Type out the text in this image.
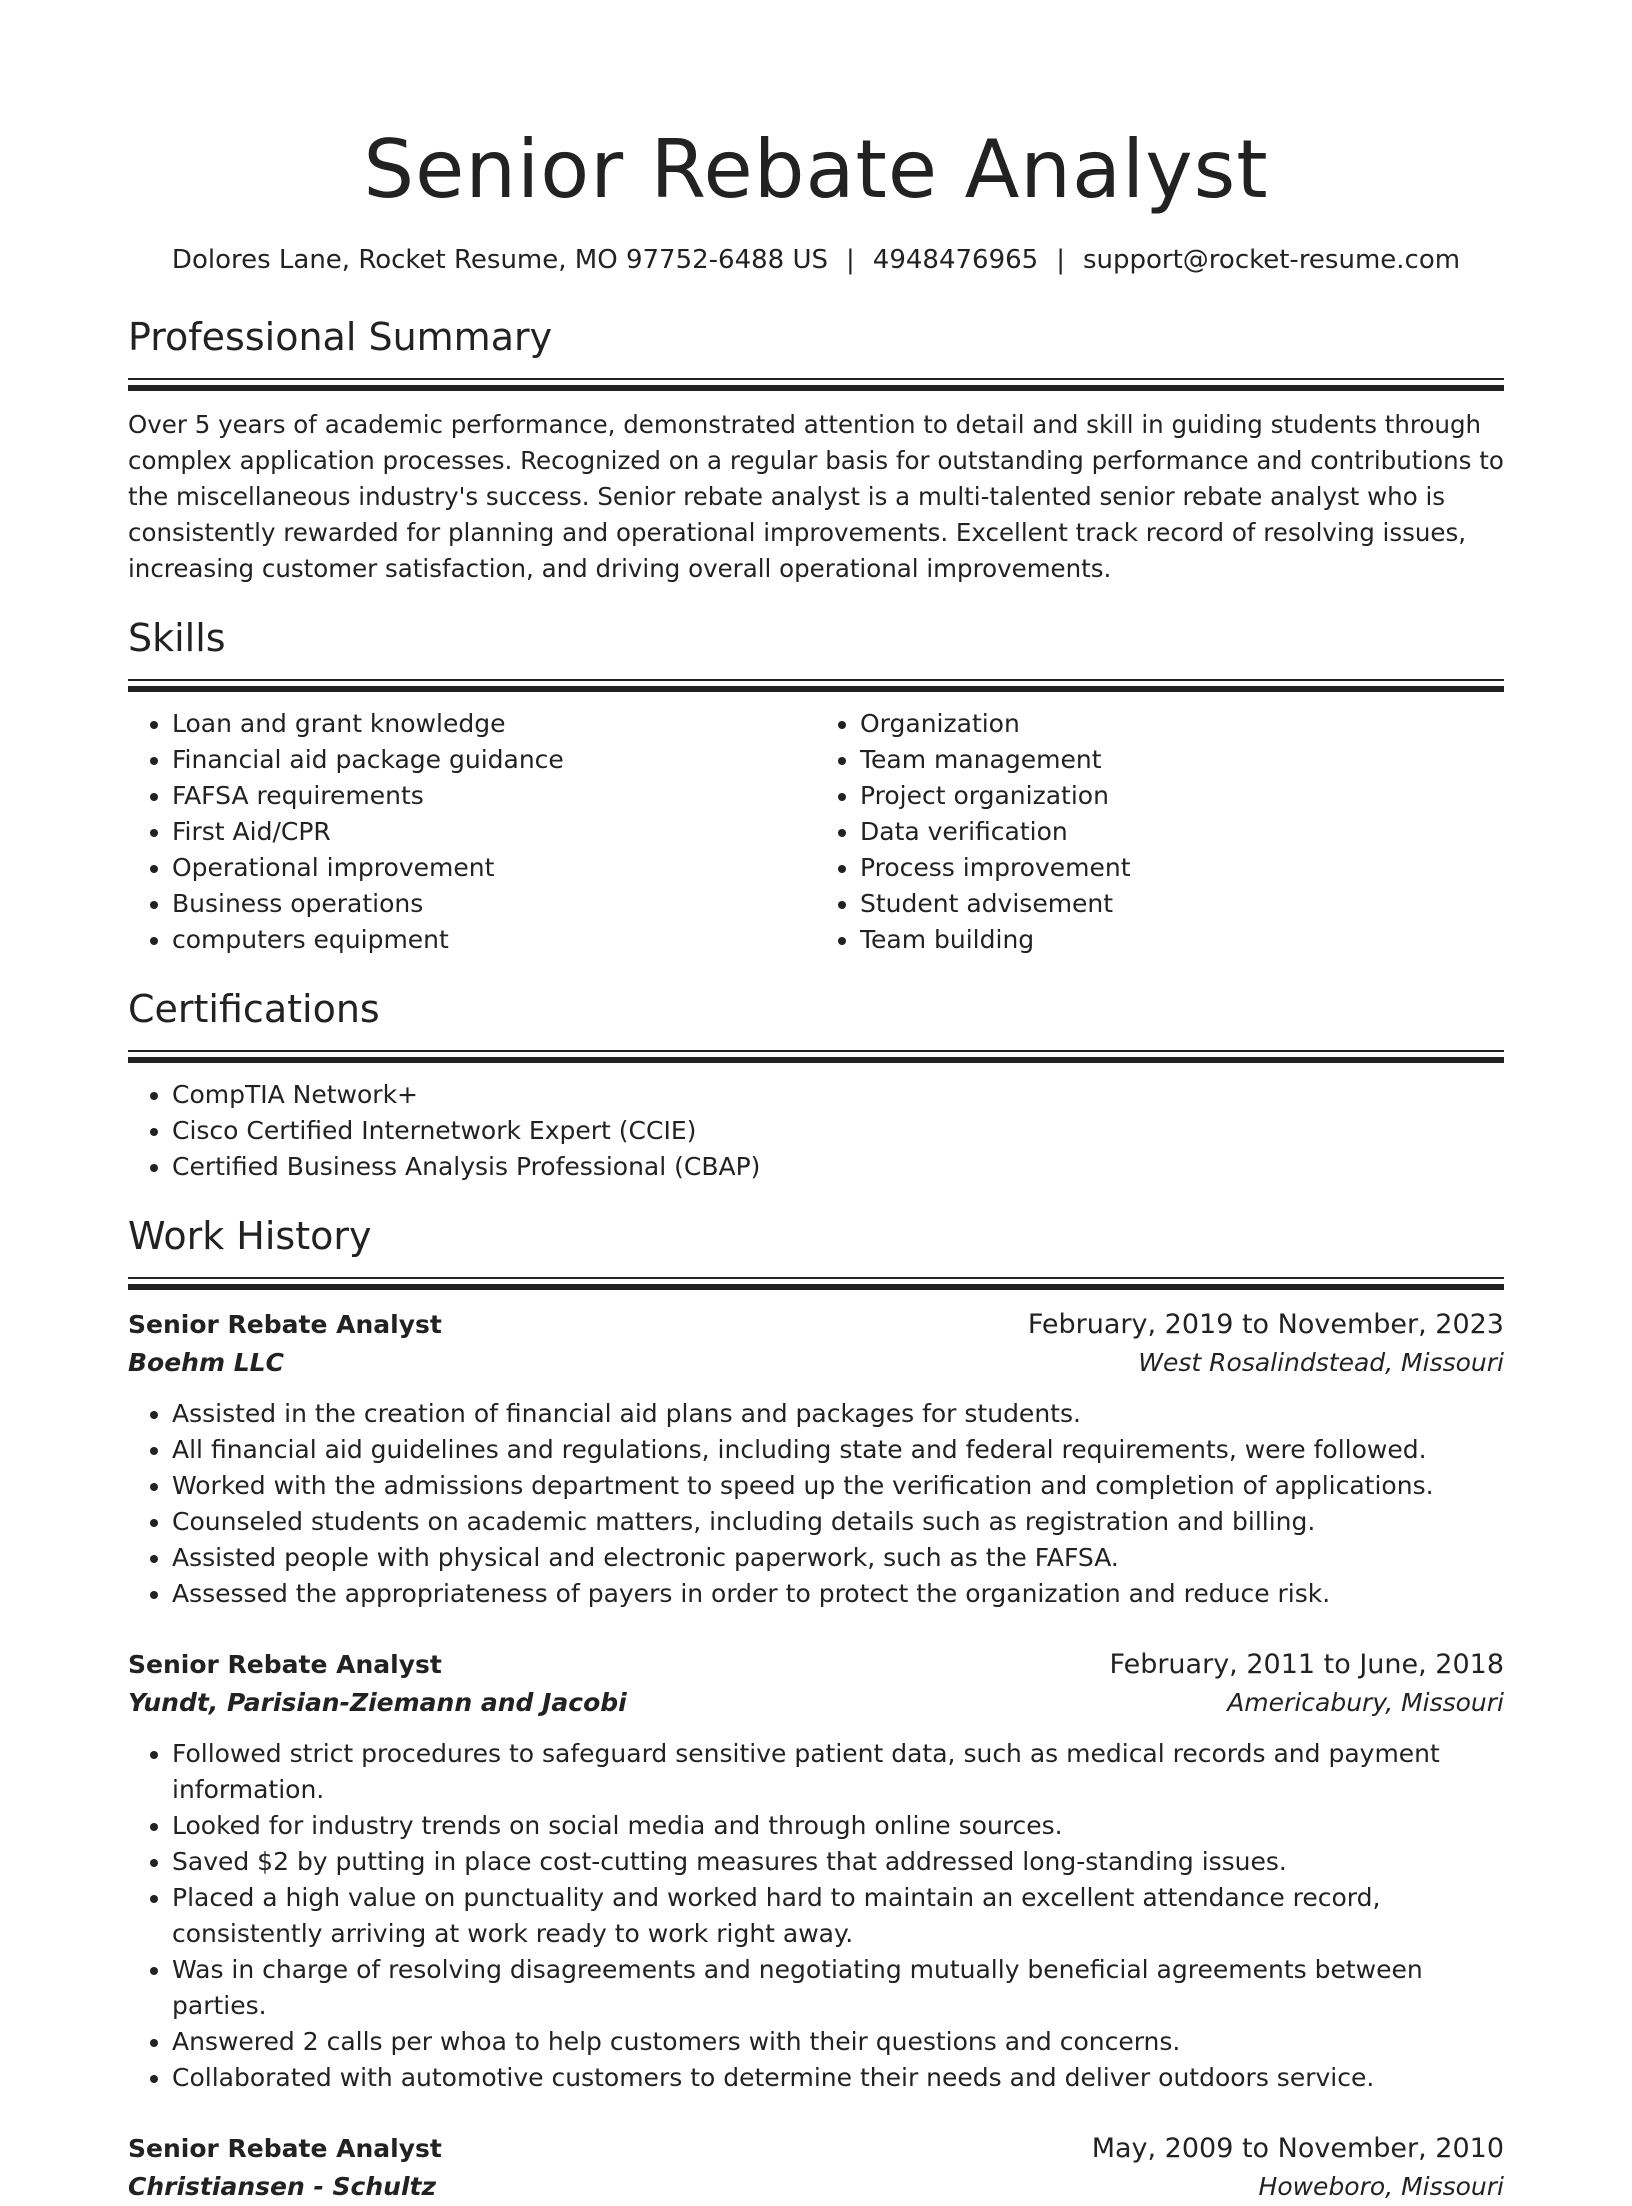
Senior Rebate Analyst
Dolores Lane, Rocket Resume, MO 97752-6488 US | 4948476965 | support@rocket-resume.com
Professional Summary

Over 5 years of academic performance, demonstrated attention to detail and skill in guiding students through complex application processes. Recognized on a regular basis for outstanding performance and contributions to the miscellaneous industry's success. Senior rebate analyst is a multi-talented senior rebate analyst who is consistently rewarded for planning and operational improvements. Excellent track record of resolving issues, increasing customer satisfaction, and driving overall operational improvements.

Skills
• Loan and grant knowledge
• Financial aid package guidance
• FAFSA requirements
• First Aid/CPR
• Operational improvement
• Business operations
• computers equipment
• Organization
• Team management
• Project organization
• Data verification
• Process improvement
• Student advisement
• Team building
Certifications
• CompTIA Network+
• Cisco Certified Internetwork Expert (CCIE)
• Certified Business Analysis Professional (CBAP)
Work History
Senior Rebate Analyst	February, 2019 to November, 2023
Boehm LLC	West Rosalindstead, Missouri
• Assisted in the creation of financial aid plans and packages for students.
• All financial aid guidelines and regulations, including state and federal requirements, were followed.
• Worked with the admissions department to speed up the verification and completion of applications.
• Counseled students on academic matters, including details such as registration and billing.
• Assisted people with physical and electronic paperwork, such as the FAFSA.
• Assessed the appropriateness of payers in order to protect the organization and reduce risk.
Senior Rebate Analyst	February, 2011 to June, 2018
Yundt, Parisian-Ziemann and Jacobi	Americabury, Missouri
• Followed strict procedures to safeguard sensitive patient data, such as medical records and payment information.
• Looked for industry trends on social media and through online sources.
• Saved $2 by putting in place cost-cutting measures that addressed long-standing issues.
• Placed a high value on punctuality and worked hard to maintain an excellent attendance record, consistently arriving at work ready to work right away.
• Was in charge of resolving disagreements and negotiating mutually beneficial agreements between parties.
• Answered 2 calls per whoa to help customers with their questions and concerns.
• Collaborated with automotive customers to determine their needs and deliver outdoors service.
Senior Rebate Analyst	May, 2009 to November, 2010
Christiansen - Schultz	Howeboro, Missouri
